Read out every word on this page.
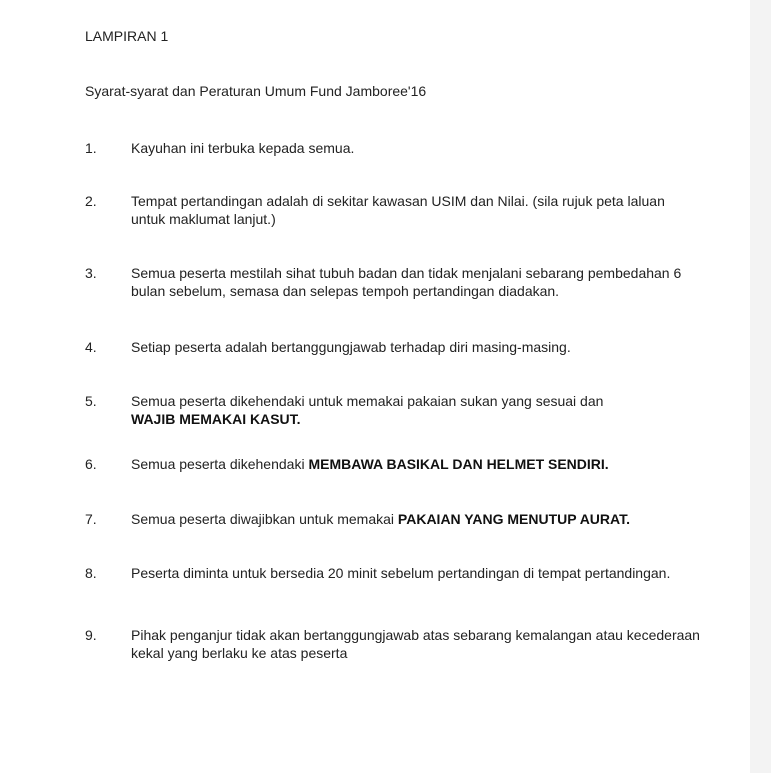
LAMPIRAN 1
Syarat-syarat dan Peraturan Umum Fund Jamboree'16
1.	Kayuhan ini terbuka kepada semua.
2.	Tempat pertandingan adalah di sekitar kawasan USIM dan Nilai. (sila rujuk peta laluan untuk maklumat lanjut.)
3.	Semua peserta mestilah sihat tubuh badan dan tidak menjalani sebarang pembedahan 6 bulan sebelum, semasa dan selepas tempoh pertandingan diadakan.
4.	Setiap peserta adalah bertanggungjawab terhadap diri masing-masing.
5.	Semua peserta dikehendaki untuk memakai pakaian sukan yang sesuai dan
WAJIB MEMAKAI KASUT.
6.	Semua peserta dikehendaki MEMBAWA BASIKAL DAN HELMET SENDIRI.
7.	Semua peserta diwajibkan untuk memakai PAKAIAN YANG MENUTUP AURAT.
8.	Peserta diminta untuk bersedia 20 minit sebelum pertandingan di tempat pertandingan.
9.	Pihak penganjur tidak akan bertanggungjawab atas sebarang kemalangan atau kecederaan kekal yang berlaku ke atas peserta
